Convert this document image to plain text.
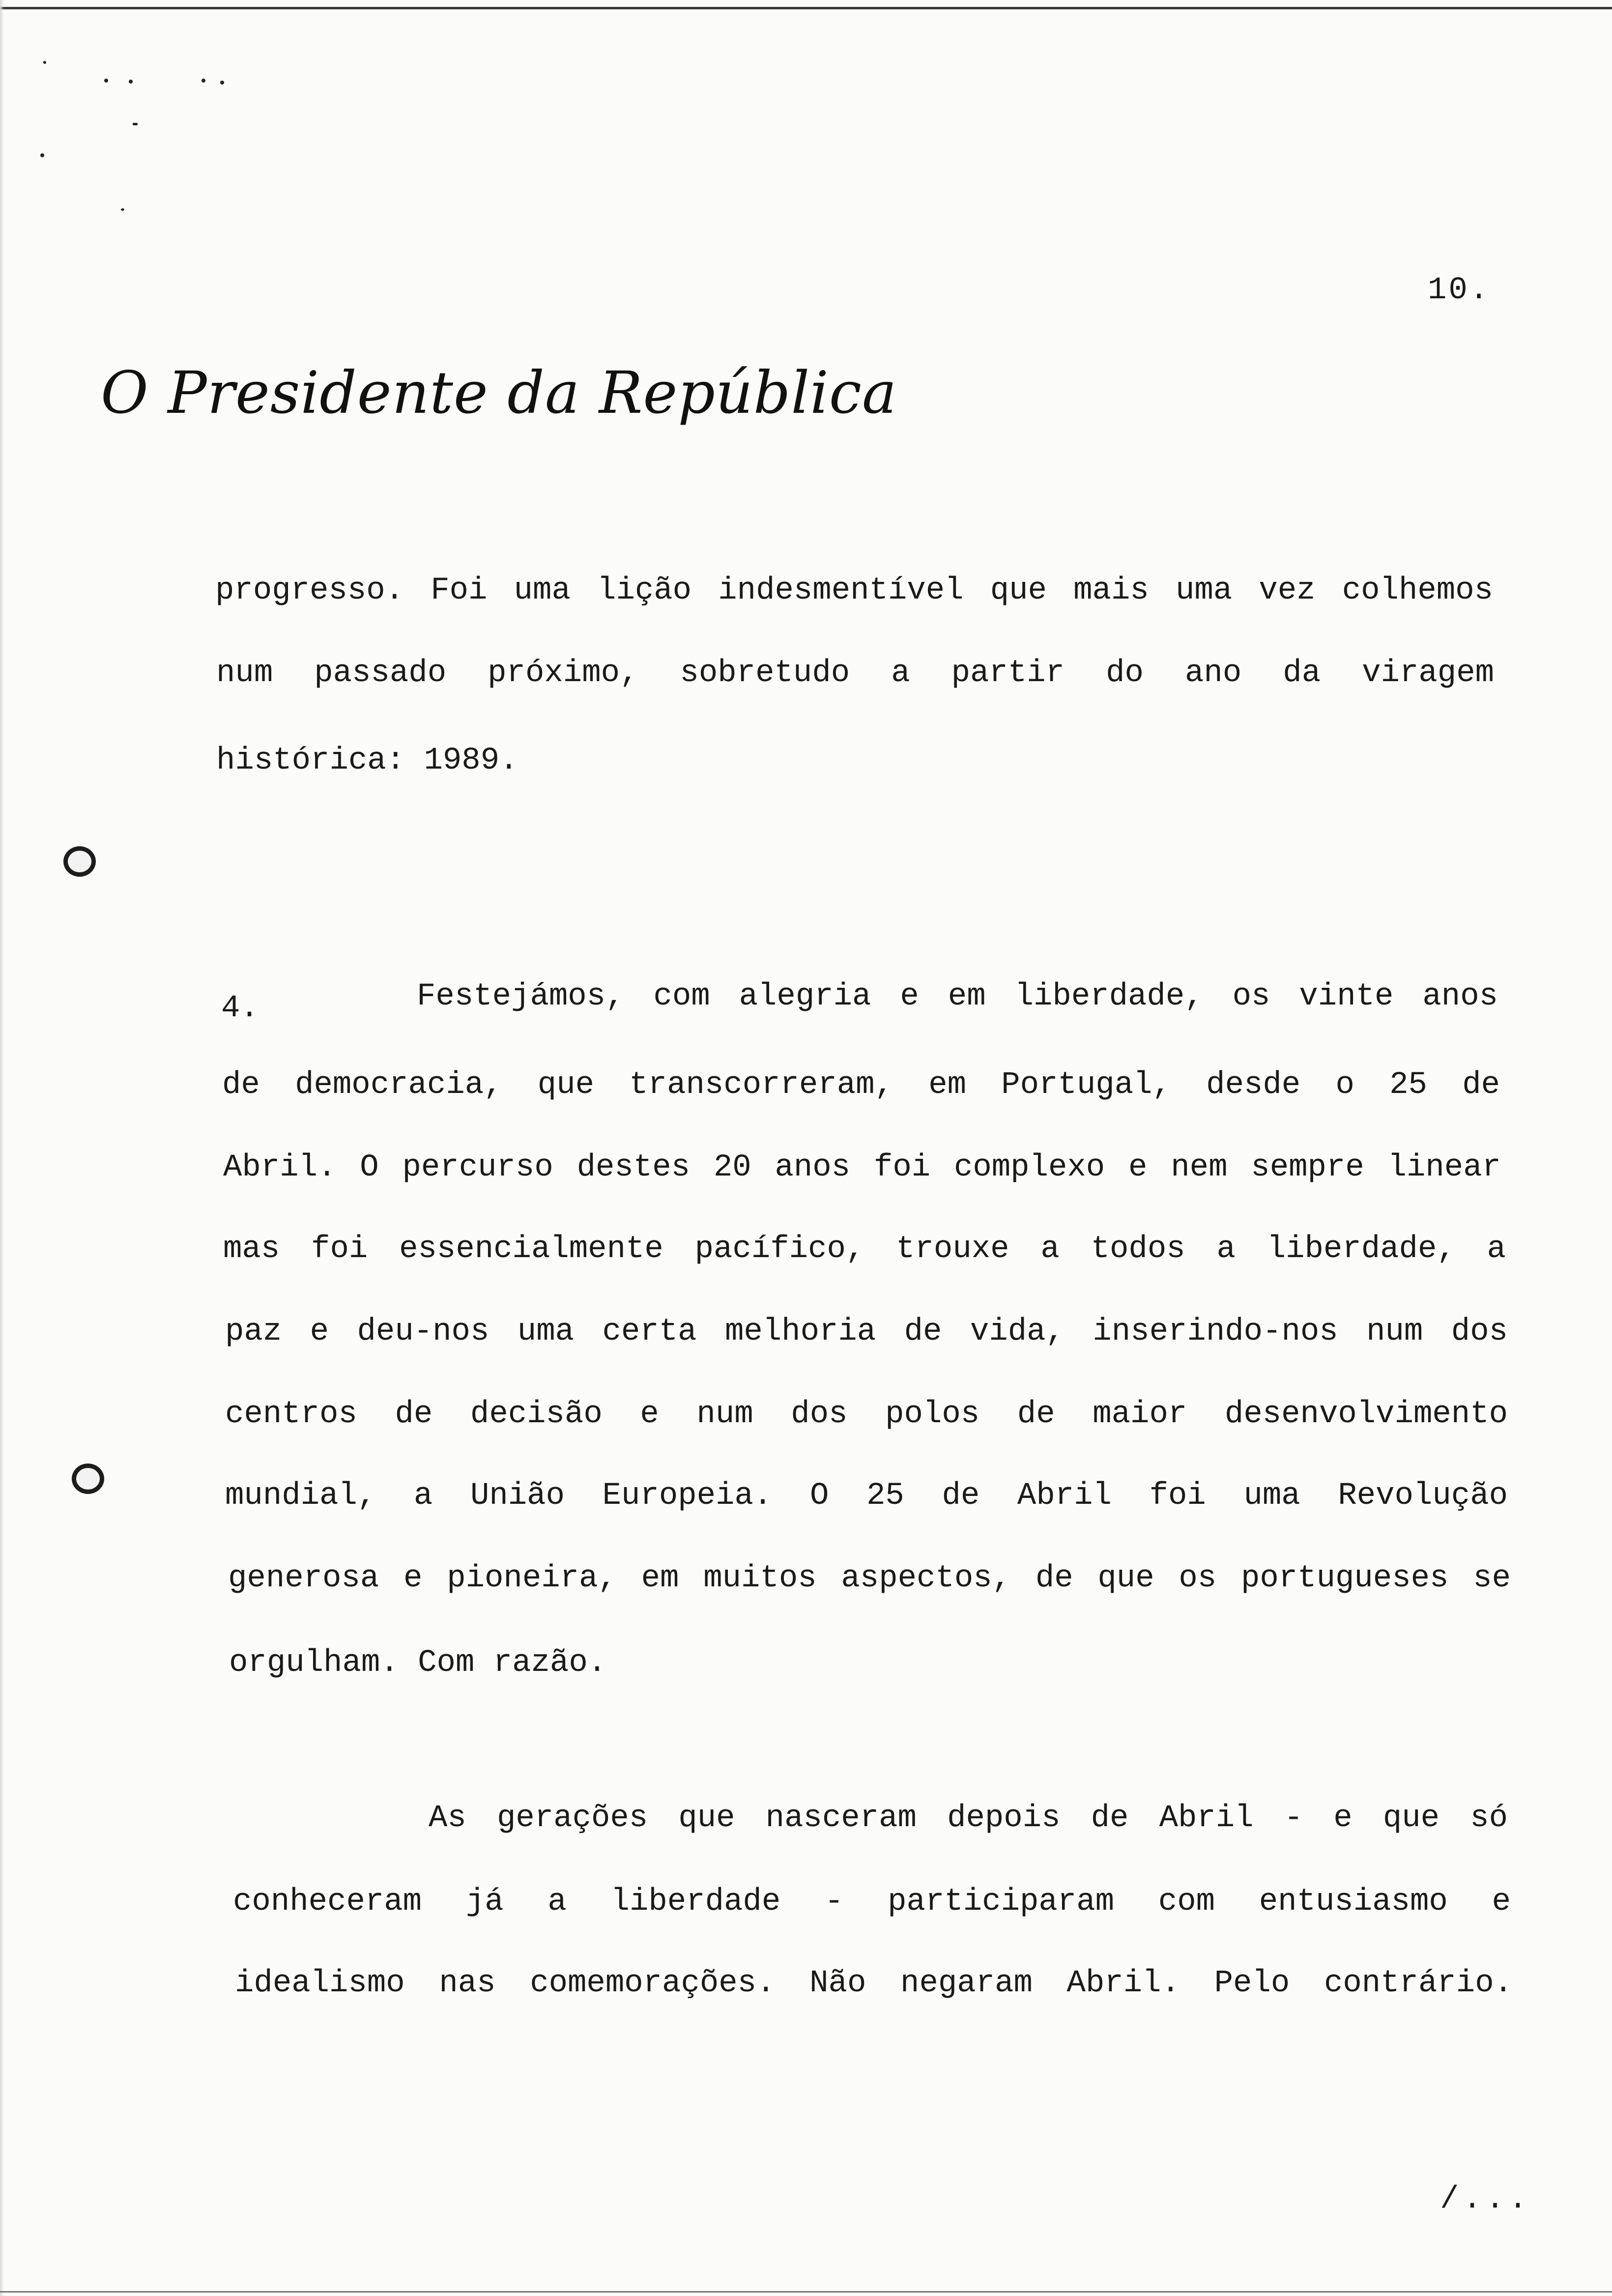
10.
O Presidente da República
progresso. Foi uma lição indesmentível que mais uma vez colhemos
num passado próximo, sobretudo a partir do ano da viragem
histórica: 1989.
4.	Festejámos, com alegria e em liberdade, os vinte anos
de democracia, que transcorreram, em Portugal, desde o 25 de
Abril. O percurso destes 20 anos foi complexo e nem sempre linear
mas foi essencialmente pacífico, trouxe a todos a liberdade, a
paz e deu-nos uma certa melhoria de vida, inserindo-nos num dos
centros de decisão e num dos polos de maior desenvolvimento
mundial, a União Europeia. O 25 de Abril foi uma Revolução
generosa e pioneira, em muitos aspectos, de que os portugueses se
orgulham. Com razão.
As gerações que nasceram depois de Abril - e que só
conheceram já a liberdade - participaram com entusiasmo e
idealismo nas comemorações. Não negaram Abril. Pelo contrário.
/...
